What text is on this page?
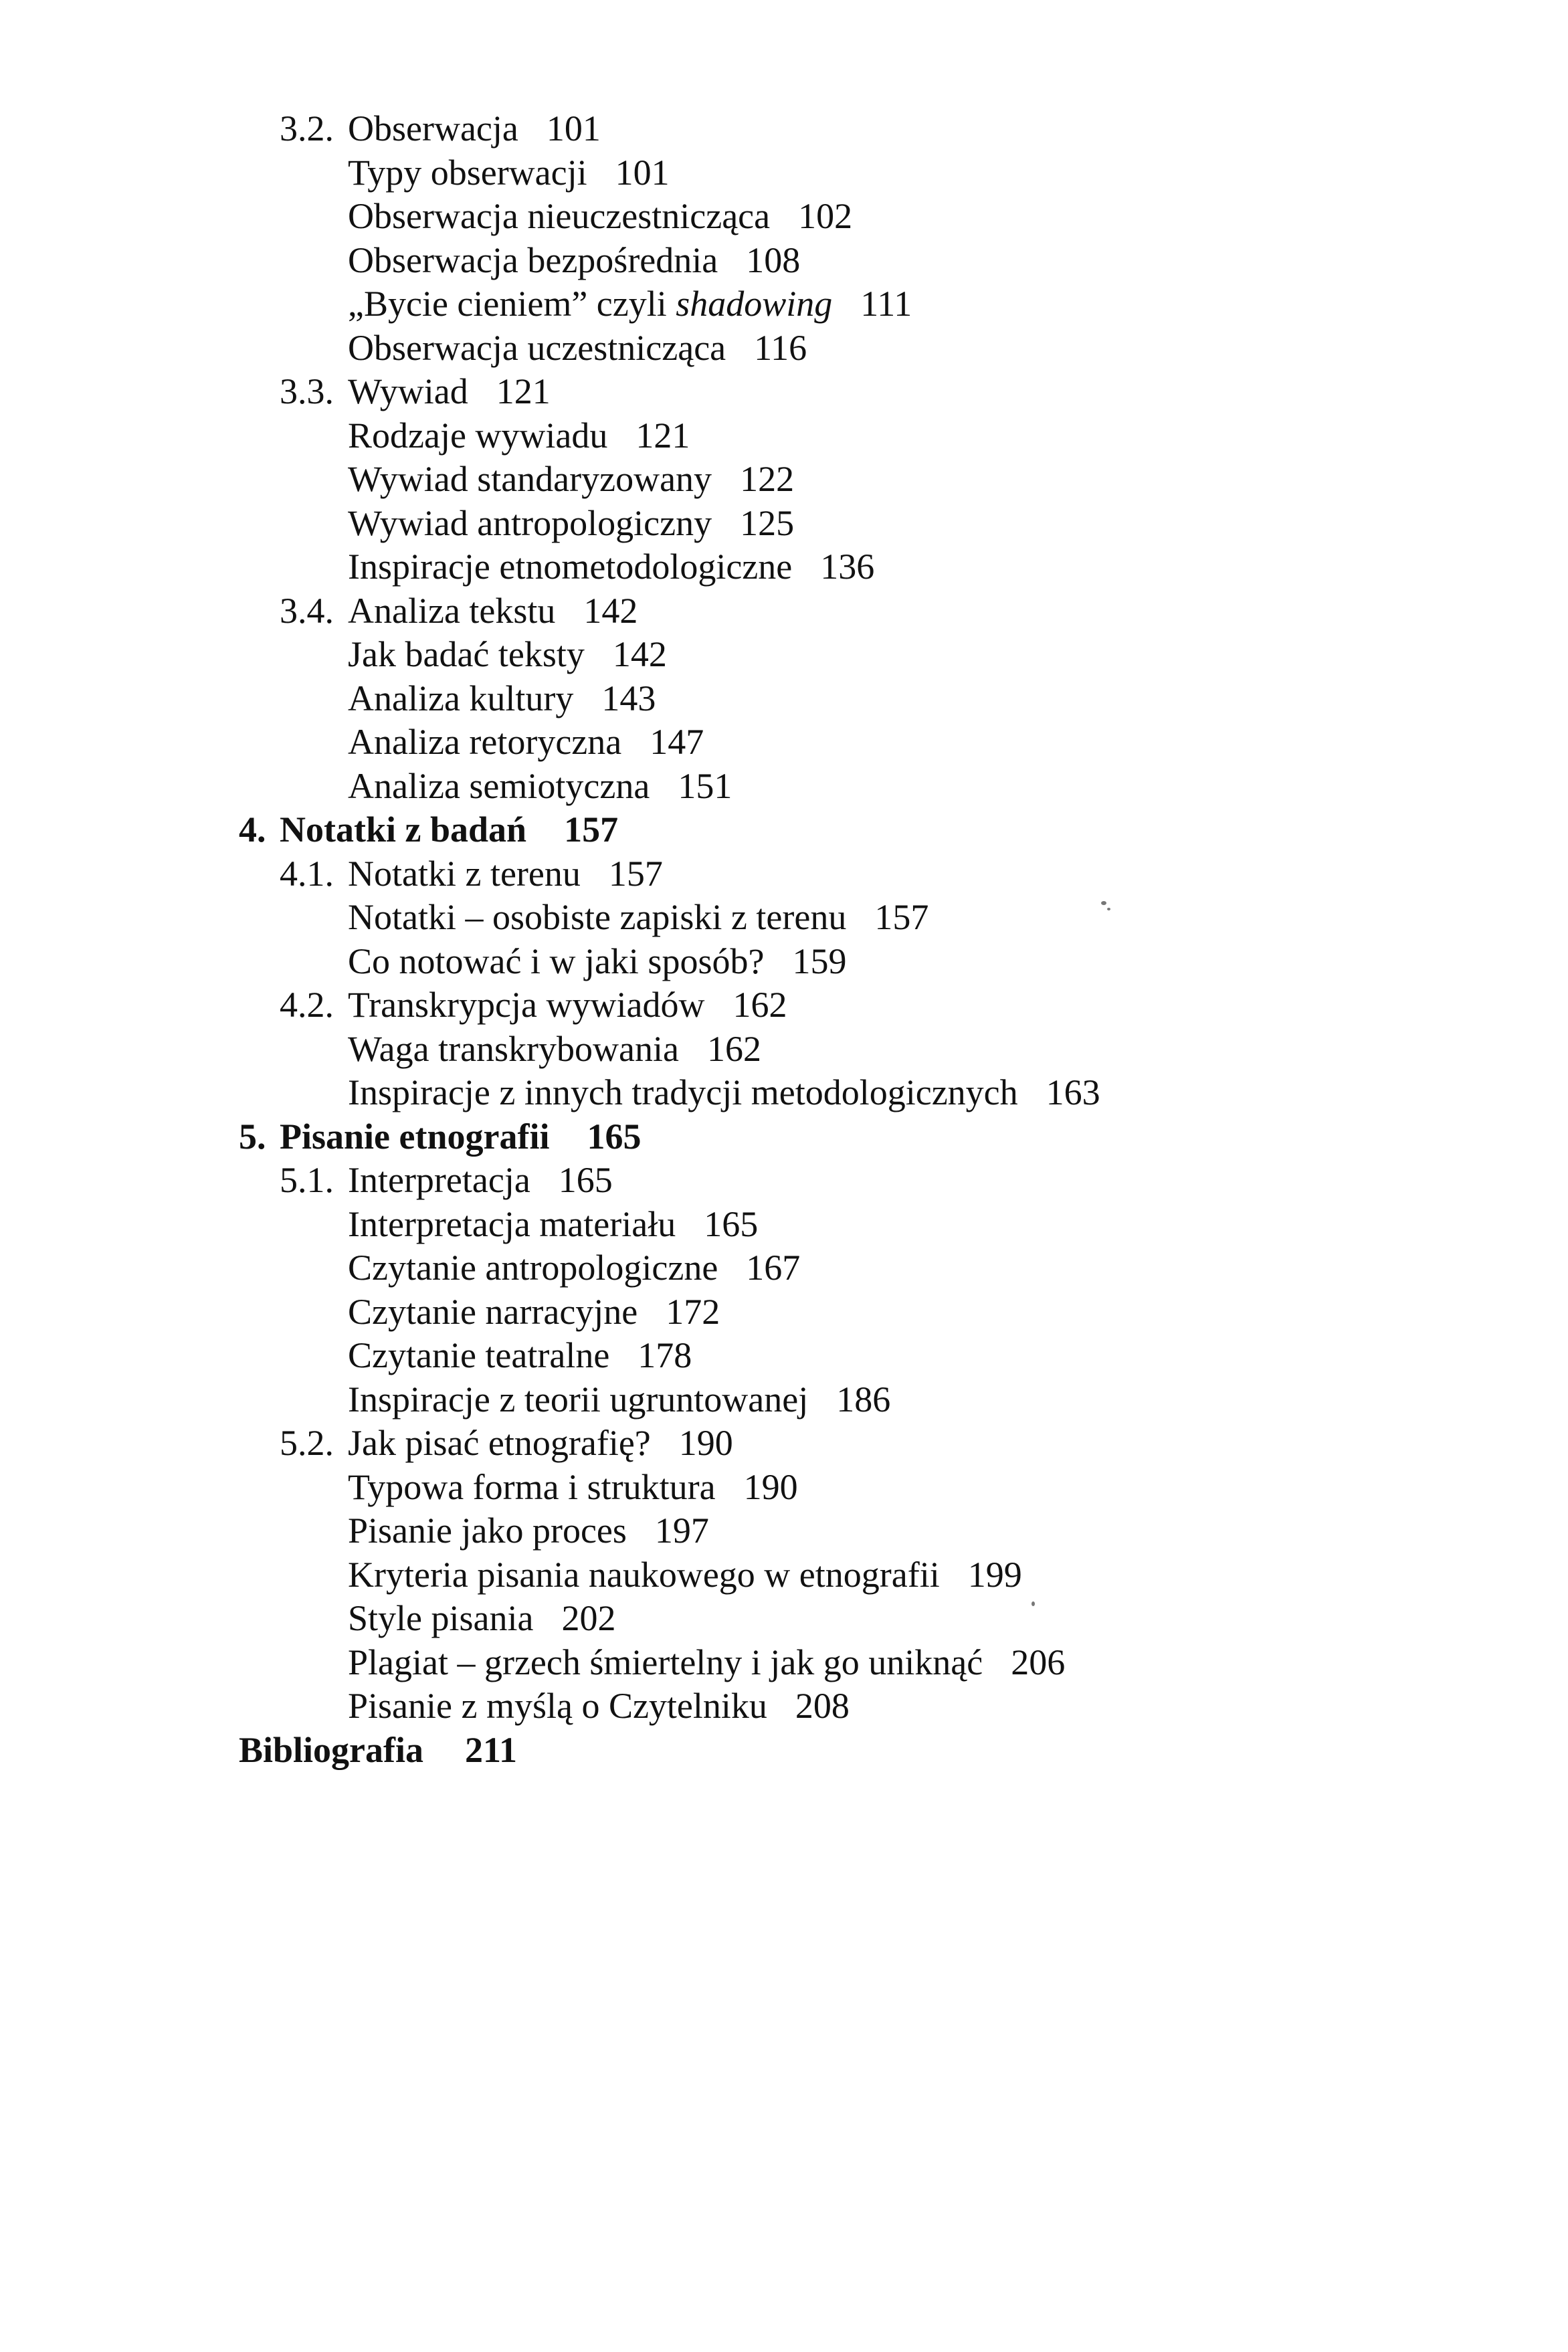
3.2. Obserwacja 101
Typy obserwacji 101
Obserwacja nieuczestnicząca 102
Obserwacja bezpośrednia 108
„Bycie cieniem” czyli shadowing 111
Obserwacja uczestnicząca 116
3.3. Wywiad 121
Rodzaje wywiadu 121
Wywiad standaryzowany 122
Wywiad antropologiczny 125
Inspiracje etnometodologiczne 136
3.4. Analiza tekstu 142
Jak badać teksty 142
Analiza kultury 143
Analiza retoryczna 147
Analiza semiotyczna 151
4. Notatki z badań 157
4.1. Notatki z terenu 157
Notatki – osobiste zapiski z terenu 157
Co notować i w jaki sposób? 159
4.2. Transkrypcja wywiadów 162
Waga transkrybowania 162
Inspiracje z innych tradycji metodologicznych 163
5. Pisanie etnografii 165
5.1. Interpretacja 165
Interpretacja materiału 165
Czytanie antropologiczne 167
Czytanie narracyjne 172
Czytanie teatralne 178
Inspiracje z teorii ugruntowanej 186
5.2. Jak pisać etnografię? 190
Typowa forma i struktura 190
Pisanie jako proces 197
Kryteria pisania naukowego w etnografii 199
Style pisania 202
Plagiat – grzech śmiertelny i jak go uniknąć 206
Pisanie z myślą o Czytelniku 208
Bibliografia 211
